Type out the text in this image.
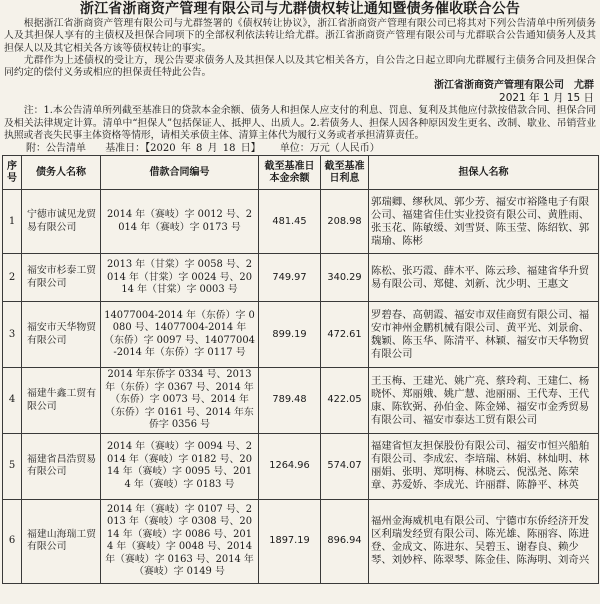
浙江省浙商资产管理有限公司与尤群债权转让通知暨债务催收联合公告
根据浙江省浙商资产管理有限公司与尤群签署的《债权转让协议》，浙江省浙商资产管理有限公司已将其对下列公告清单中所列债务人及其担保人享有的主债权及担保合同项下的全部权利依法转让给尤群。浙江省浙商资产管理有限公司与尤群联合公告通知债务人及其担保人以及其它相关各方该等债权转让的事实。
尤群作为上述债权的受让方，现公告要求债务人及其担保人以及其它相关各方，自公告之日起立即向尤群履行主债务合同及担保合同约定的偿付义务或相应的担保责任特此公告。
浙江省浙商资产管理有限公司　尤群
2021 年 1 月 15 日
注：1.本公告清单所列截至基准日的贷款本金余额、债务人和担保人应支付的利息、罚息、复利及其他应付款按借款合同、担保合同及相关法律规定计算。清单中“担保人”包括保证人、抵押人、出质人。2.若债务人、担保人因各种原因发生更名、改制、歇业、吊销营业执照或者丧失民事主体资格等情形，请相关承债主体、清算主体代为履行义务或者承担清算责任。
附：公告清单 基准日：【2020 年 8 月 18 日】 单位：万元（人民币）
序号	债务人名称	借款合同编号	截至基准日本金余额	截至基准日利息	担保人名称
1	宁德市诚见龙贸易有限公司	2014 年（赛岐）字 0012 号、2014 年（赛岐）字 0173 号	481.45	208.98	郭瑞卿、缪秋凤、郭少芳、福安市裕隆电子有限公司、福建省佳仕实业投资有限公司、黄胜雨、张玉花、陈敏缓、刘雪贤、陈玉莹、陈绍钦、郭瑞瑜、陈彬
2	福安市杉泰工贸有限公司	2013 年（甘棠）字 0058 号、2014 年（甘棠）字 0024 号、2014 年（甘棠）字 0003 号	749.97	340.29	陈松、张巧霞、薛木平、陈云珍、福建省华升贸易有限公司、郑健、刘新、沈少明、王惠文
3	福安市天华物贸有限公司	14077004-2014 年（东侨）字 0080 号、14077004-2014 年（东侨）字 0097 号、14077004-2014 年（东侨）字 0117 号	899.19	472.61	罗碧春、高朝霞、福安市双佳商贸有限公司、福安市神州金鹏机械有限公司、黄平光、刘景俞、魏颖、陈玉华、陈清平、林颖、福安市天华物贸有限公司
4	福建牛鑫工贸有限公司	2014 年东侨字 0334 号、2013 年（东侨）字 0367 号、2014 年（东侨）字 0073 号、2014 年（东侨）字 0161 号、2014 年东侨字 0356 号	789.48	422.05	王玉梅、王建光、姚广亮、蔡玲莉、王建仁、杨晓怀、郑丽娥、姚广慧、池丽丽、王代寿、王代康、陈钦弼、孙伯金、陈金娣、福安市金秀贸易有限公司、福安市泰达工贸有限公司
5	福建省昌浩贸易有限公司	2014 年（赛岐）字 0094 号、2014 年（赛岐）字 0182 号、2014 年（赛岐）字 0095 号、2014 年（赛岐）字 0183 号	1264.96	574.07	福建省恒友担保股份有限公司、福安市恒兴船舶有限公司、李成宏、李培瑞、林娟、林灿明、林丽娟、张明、郑明梅、林晓云、倪泓尧、陈荣章、苏爱娇、李成光、许丽群、陈静平、林英
6	福建山海瑞工贸有限公司	2014 年（赛岐）字 0107 号、2013 年（赛岐）字 0308 号、2014 年（赛岐）字 0086 号、2014 年（赛岐）字 0048 号、2014 年（赛岐）字 0163 号、2014 年（赛岐）字 0149 号	1897.19	896.94	福州金海威机电有限公司、宁德市东侨经济开发区利瑞发经贸有限公司、陈光雄、陈丽容、陈进登、金成文、陈进东、吴碧玉、谢春良、赖少琴、刘妙梓、陈翠琴、陈金佳、陈海明、刘奇兴
